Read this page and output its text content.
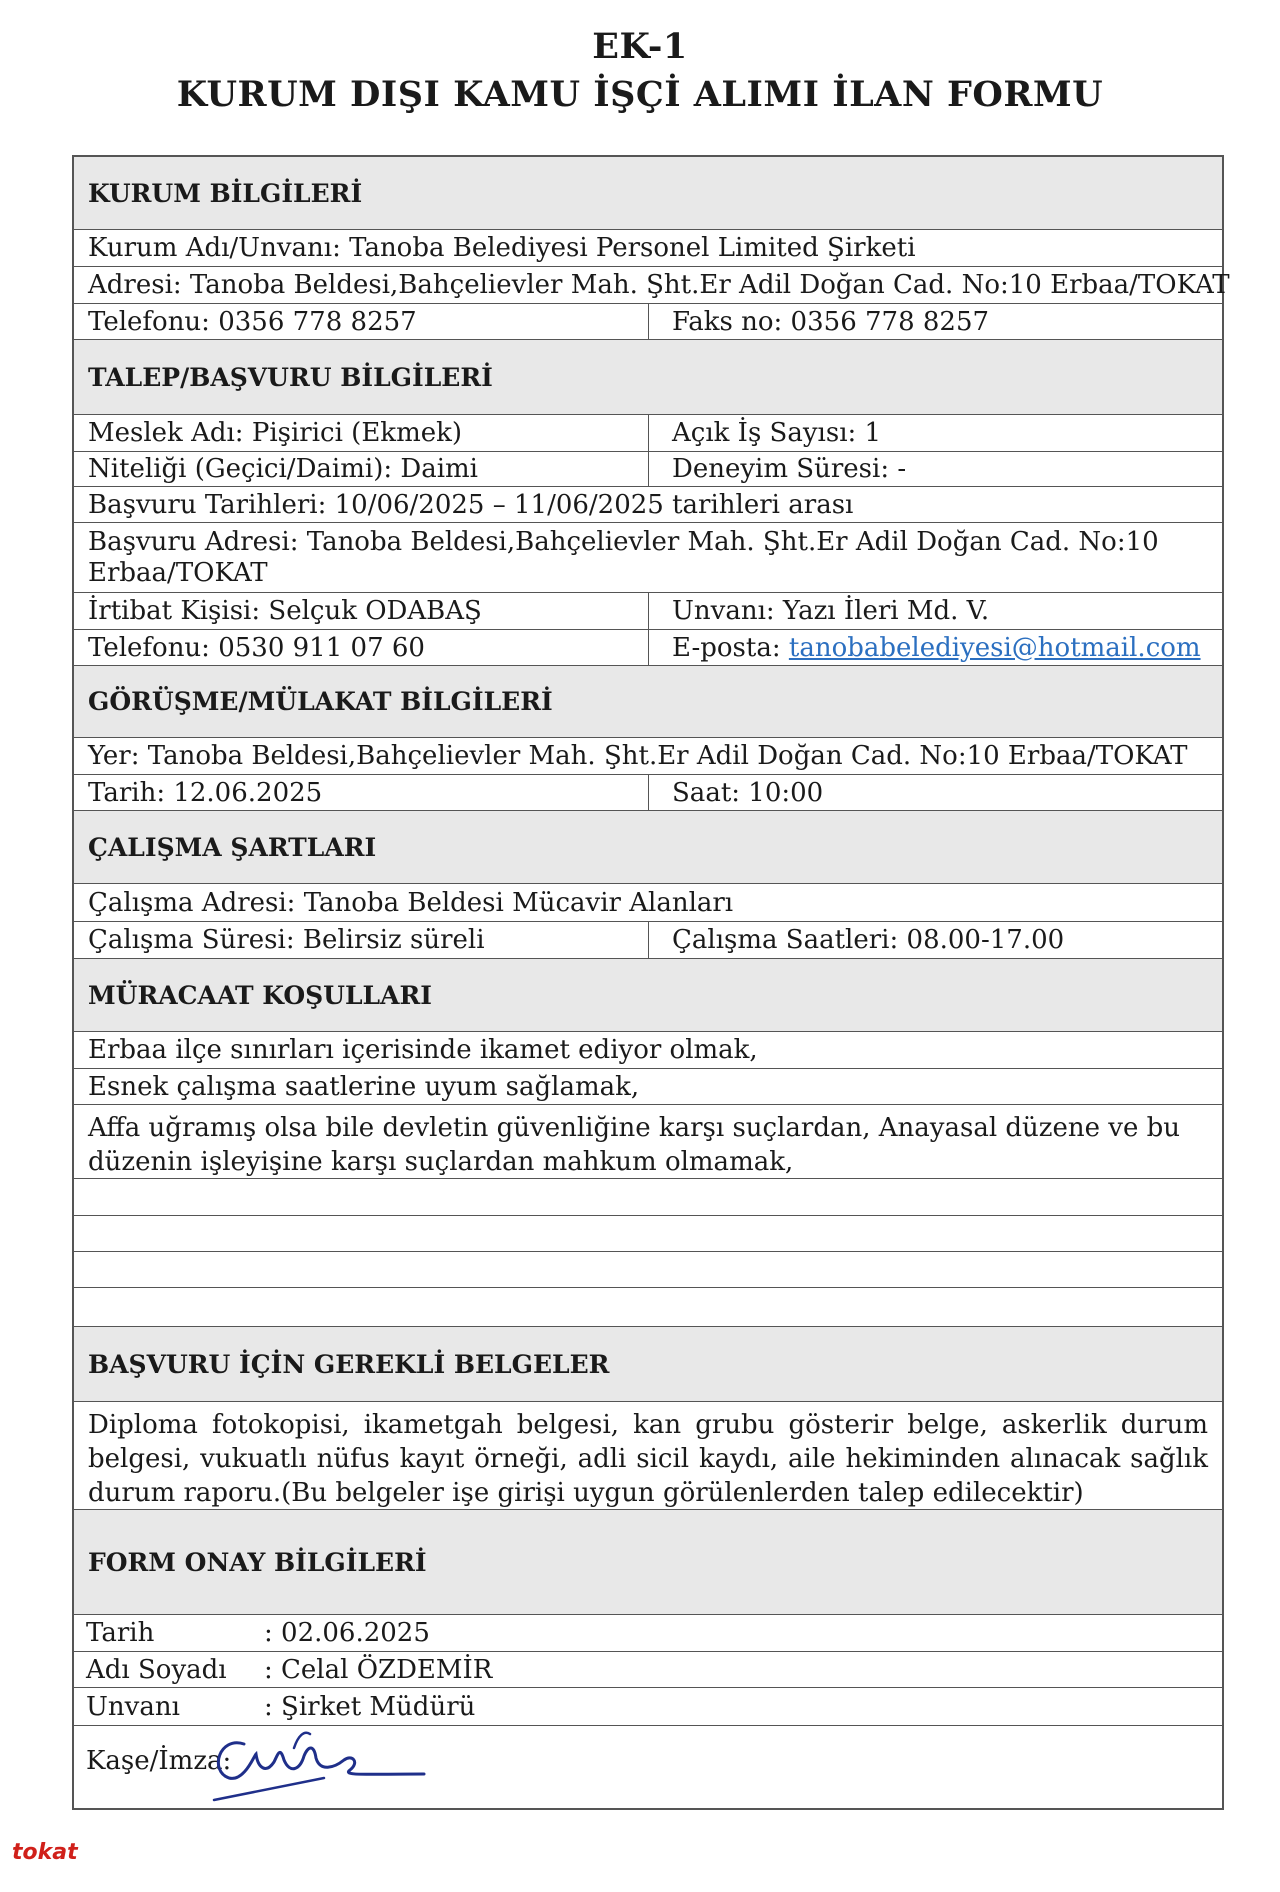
EK-1
KURUM DIŞI KAMU İŞÇİ ALIMI İLAN FORMU
KURUM BİLGİLERİ
Kurum Adı/Unvanı: Tanoba Belediyesi Personel Limited Şirketi
Adresi: Tanoba Beldesi,Bahçelievler Mah. Şht.Er Adil Doğan Cad. No:10 Erbaa/TOKAT
Telefonu: 0356 778 8257	Faks no: 0356 778 8257
TALEP/BAŞVURU BİLGİLERİ
Meslek Adı: Pişirici (Ekmek)	Açık İş Sayısı: 1
Niteliği (Geçici/Daimi): Daimi	Deneyim Süresi: -
Başvuru Tarihleri: 10/06/2025 – 11/06/2025 tarihleri arası
Başvuru Adresi: Tanoba Beldesi,Bahçelievler Mah. Şht.Er Adil Doğan Cad. No:10
Erbaa/TOKAT
İrtibat Kişisi: Selçuk ODABAŞ	Unvanı: Yazı İleri Md. V.
Telefonu: 0530 911 07 60	E-posta: tanobabelediyesi@hotmail.com
GÖRÜŞME/MÜLAKAT BİLGİLERİ
Yer: Tanoba Beldesi,Bahçelievler Mah. Şht.Er Adil Doğan Cad. No:10 Erbaa/TOKAT
Tarih: 12.06.2025	Saat: 10:00
ÇALIŞMA ŞARTLARI
Çalışma Adresi: Tanoba Beldesi Mücavir Alanları
Çalışma Süresi: Belirsiz süreli	Çalışma Saatleri: 08.00-17.00
MÜRACAAT KOŞULLARI
Erbaa ilçe sınırları içerisinde ikamet ediyor olmak,
Esnek çalışma saatlerine uyum sağlamak,
Affa uğramış olsa bile devletin güvenliğine karşı suçlardan, Anayasal düzene ve bu düzenin işleyişine karşı suçlardan mahkum olmamak,
BAŞVURU İÇİN GEREKLİ BELGELER
Diploma fotokopisi, ikametgah belgesi, kan grubu gösterir belge, askerlik durum belgesi, vukuatlı nüfus kayıt örneği, adli sicil kaydı, aile hekiminden alınacak sağlık durum raporu.(Bu belgeler işe girişi uygun görülenlerden talep edilecektir)
FORM ONAY BİLGİLERİ
Tarih	: 02.06.2025
Adı Soyadı	: Celal ÖZDEMİR
Unvanı	: Şirket Müdürü
Kaşe/İmza:
tokat
